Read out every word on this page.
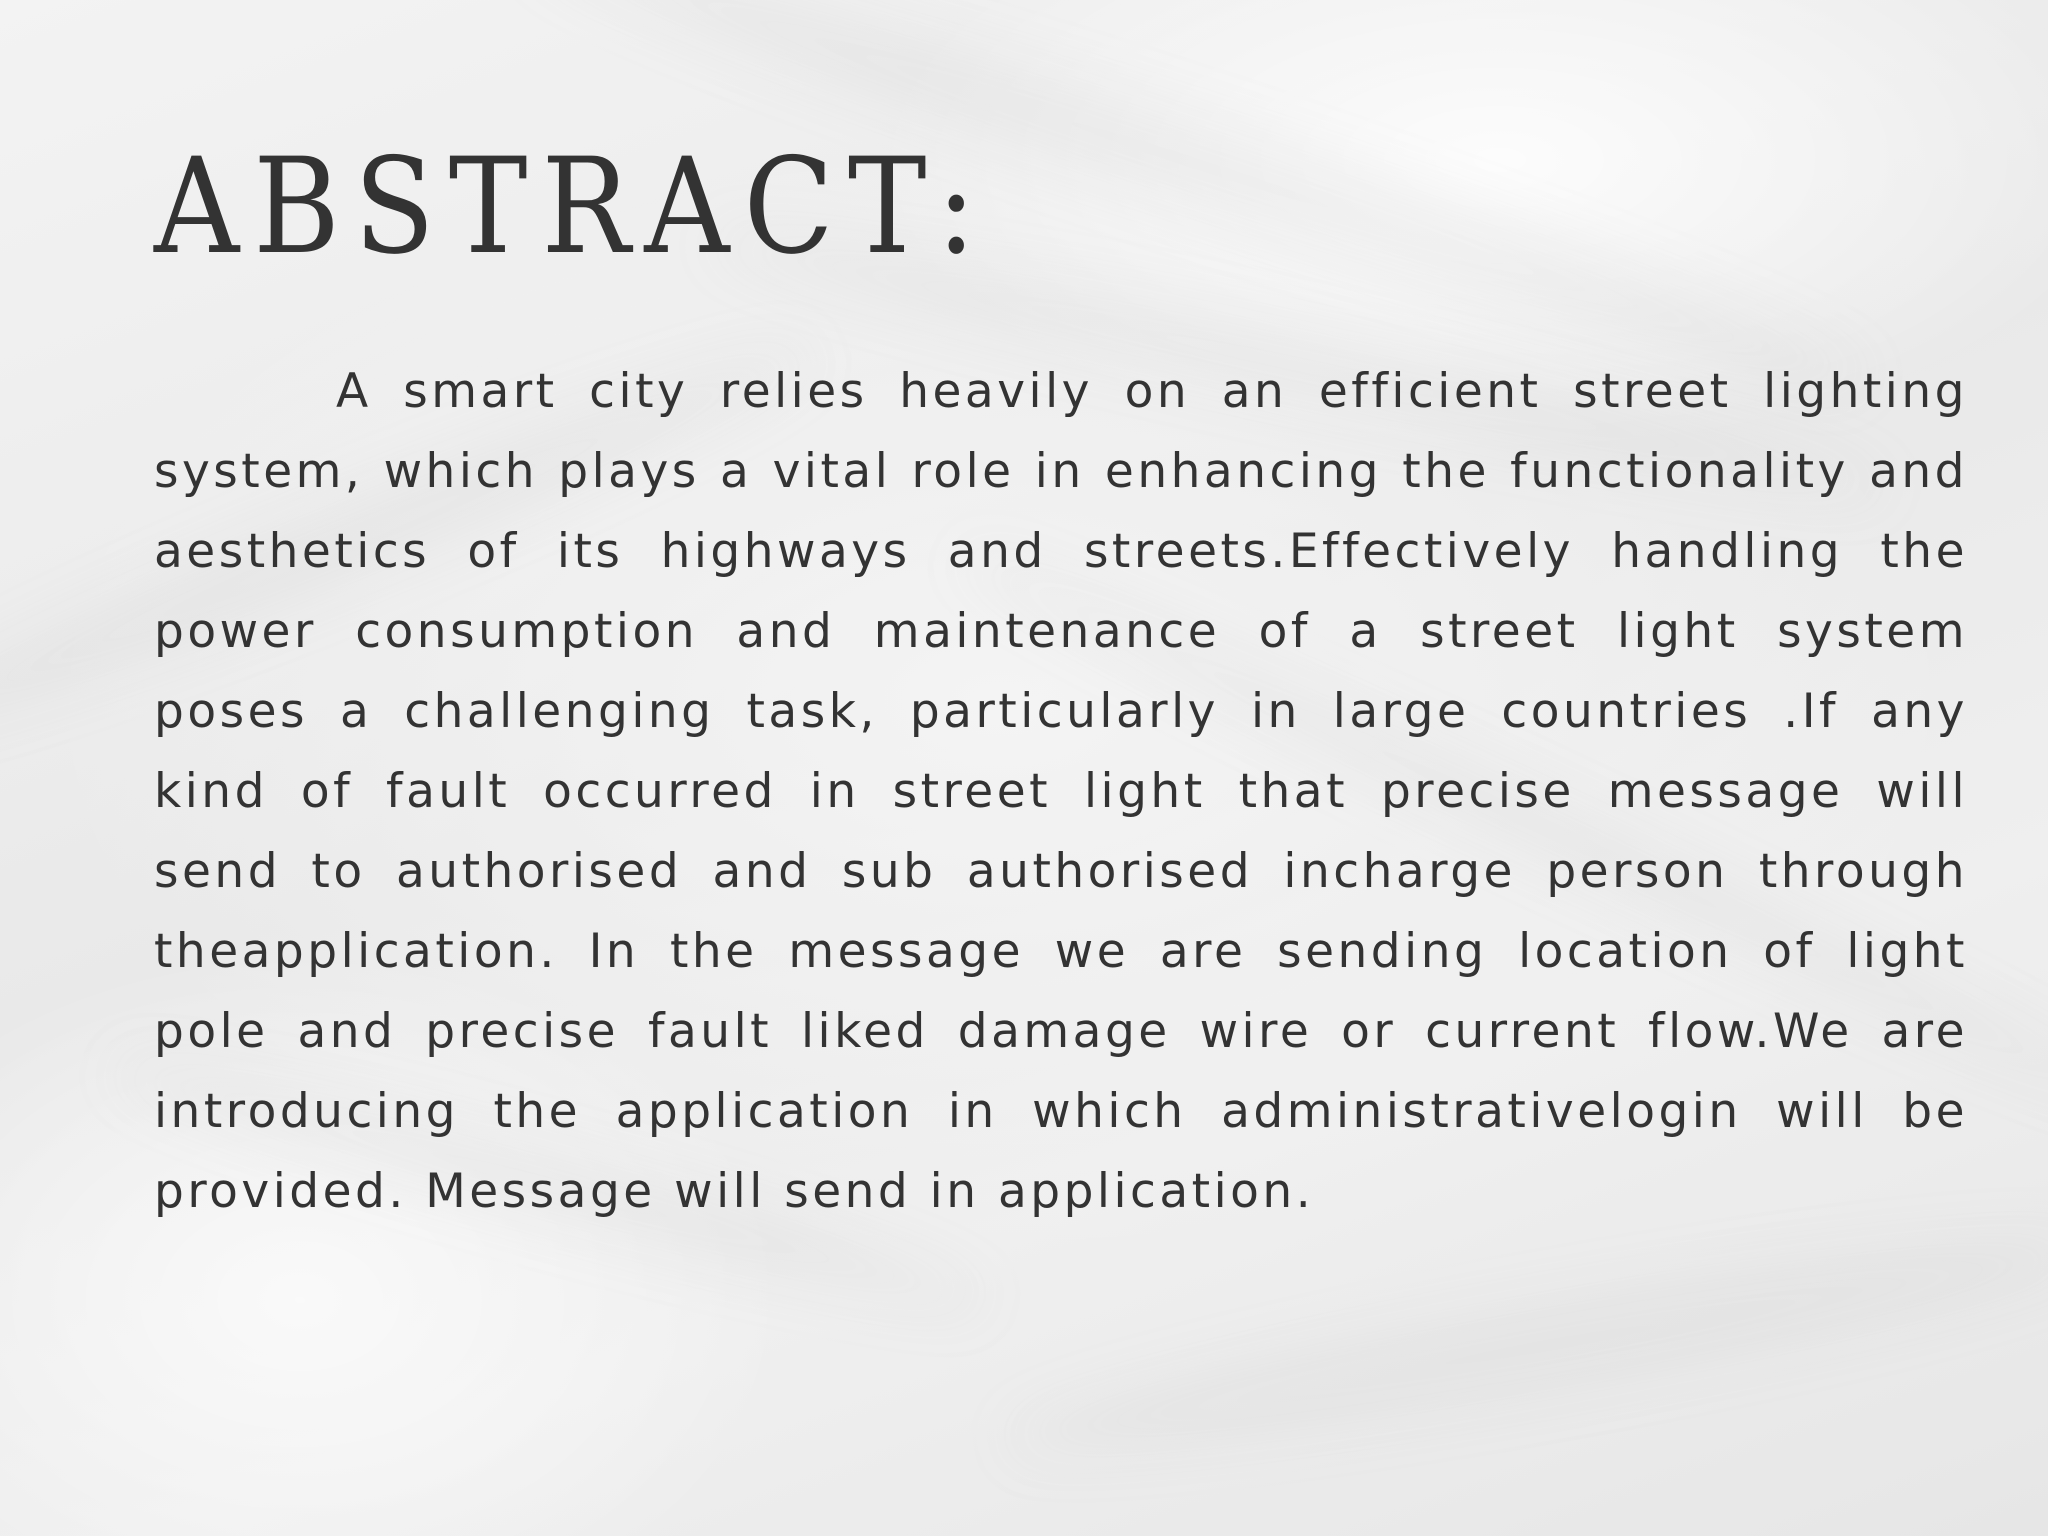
ABSTRACT:

A smart city relies heavily on an efficient street lighting system, which plays a vital role in enhancing the functionality and aesthetics of its highways and streets.Effectively handling the power consumption and maintenance of a street light system poses a challenging task, particularly in large countries .If any kind of fault occurred in street light that precise message will send to authorised and sub authorised incharge person through theapplication. In the message we are sending location of light pole and precise fault liked damage wire or current flow.We are introducing the application in which administrativelogin will be provided. Message will send in application.
